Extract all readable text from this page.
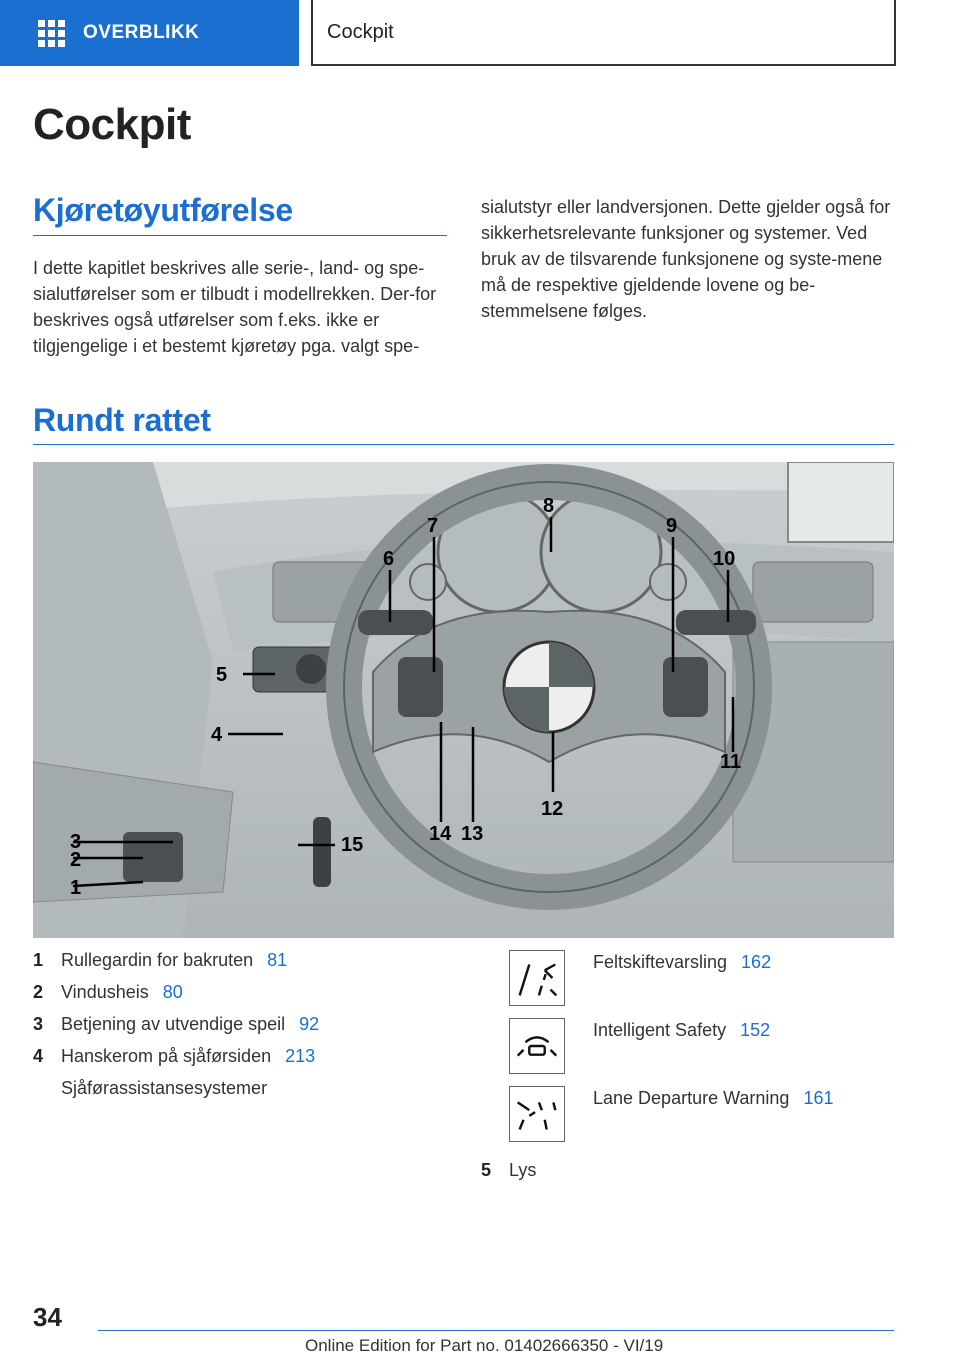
OVERBLIKK	Cockpit
Cockpit
Kjøretøyutførelse
I dette kapitlet beskrives alle serie-, land- og spe-sialutførelser som er tilbudt i modellrekken. Der-for beskrives også utførelser som f.eks. ikke er tilgjengelige i et bestemt kjøretøy pga. valgt spe-
sialutstyr eller landversjonen. Dette gjelder også for sikkerhetsrelevante funksjoner og systemer. Ved bruk av de tilsvarende funksjonene og syste-mene må de respektive gjeldende lovene og be-stemmelsene følges.
Rundt rattet
3
2
1
4
5
6
7
8
9
10
11
12
13
14
15
1 Rullegardin for bakruten 81
2 Vindusheis 80
3 Betjening av utvendige speil 92
4 Hanskerom på sjåførsiden 213
Sjåførassistansesystemer
Feltskiftevarsling 162
Intelligent Safety 152
Lane Departure Warning 161
5 Lys
34
Online Edition for Part no. 01402666350 - VI/19
